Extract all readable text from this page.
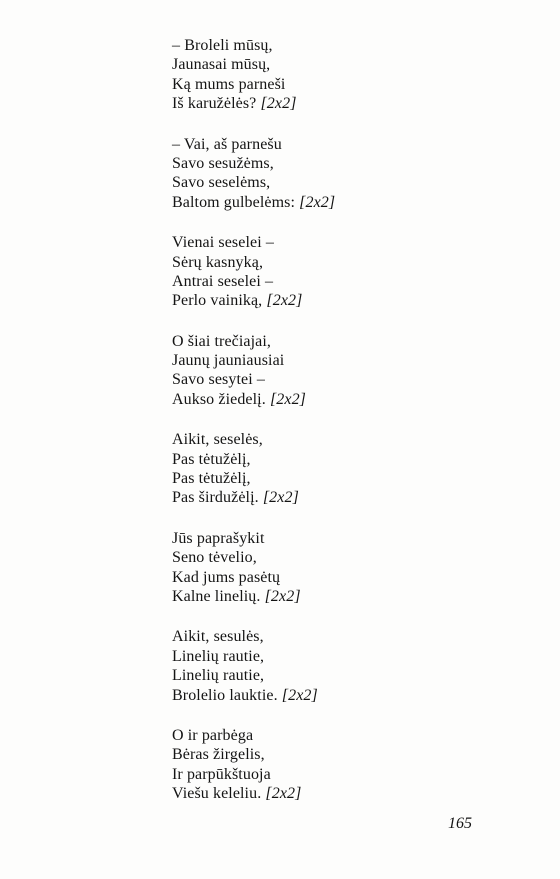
– Broleli mūsų,
Jaunasai mūsų,
Ką mums parneši
Iš karužėlės? [2x2]
– Vai, aš parnešu
Savo sesužėms,
Savo seselėms,
Baltom gulbelėms: [2x2]
Vienai seselei –
Sėrų kasnyką,
Antrai seselei –
Perlo vainiką, [2x2]
O šiai trečiajai,
Jaunų jauniausiai
Savo sesytei –
Aukso žiedelį. [2x2]
Aikit, seselės,
Pas tėtužėlį,
Pas tėtužėlį,
Pas širdužėlį. [2x2]
Jūs paprašykit
Seno tėvelio,
Kad jums pasėtų
Kalne linelių. [2x2]
Aikit, sesulės,
Linelių rautie,
Linelių rautie,
Brolelio lauktie. [2x2]
O ir parbėga
Bėras žirgelis,
Ir parpūkštuoja
Viešu keleliu. [2x2]
165
